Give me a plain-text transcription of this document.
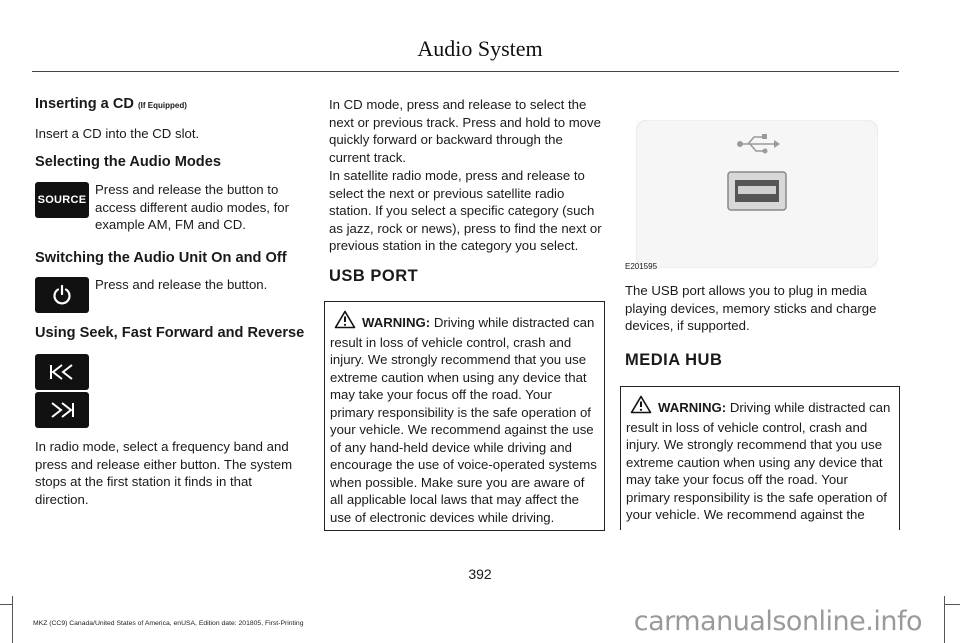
Audio System
Inserting a CD (If Equipped)
Insert a CD into the CD slot.
Selecting the Audio Modes
SOURCE
Press and release the button to access different audio modes, for example AM, FM and CD.
Switching the Audio Unit On and Off
Press and release the button.
Using Seek, Fast Forward and Reverse
In radio mode, select a frequency band and press and release either button. The system stops at the first station it finds in that direction.
In CD mode, press and release to select the next or previous track. Press and hold to move quickly forward or backward through the current track.
In satellite radio mode, press and release to select the next or previous satellite radio station. If you select a specific category (such as jazz, rock or news), press to find the next or previous station in the category you select.
USB PORT
WARNING: Driving while distracted can result in loss of vehicle control, crash and injury. We strongly recommend that you use extreme caution when using any device that may take your focus off the road. Your primary responsibility is the safe operation of your vehicle. We recommend against the use of any hand-held device while driving and encourage the use of voice-operated systems when possible. Make sure you are aware of all applicable local laws that may affect the use of electronic devices while driving.
E201595
The USB port allows you to plug in media playing devices, memory sticks and charge devices, if supported.
MEDIA HUB
WARNING: Driving while distracted can result in loss of vehicle control, crash and injury. We strongly recommend that you use extreme caution when using any device that may take your focus off the road. Your primary responsibility is the safe operation of your vehicle. We recommend against the
392
MKZ (CC9) Canada/United States of America, enUSA, Edition date: 201805, First-Printing	carmanualsonline.info
